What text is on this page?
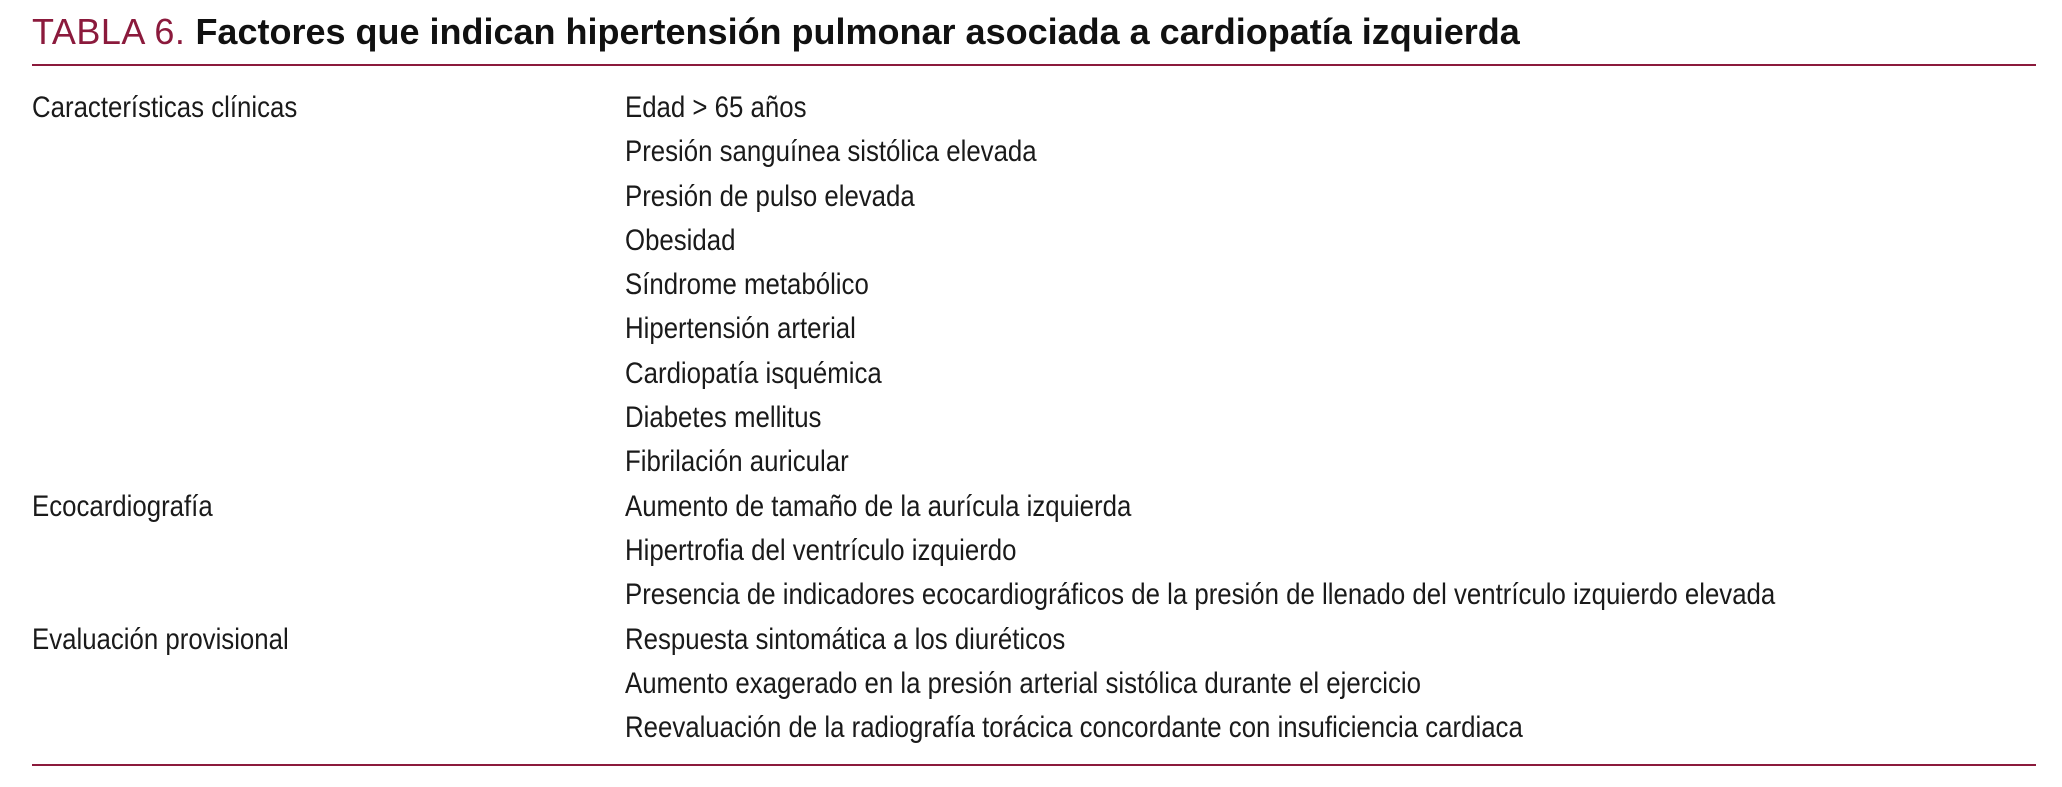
TABLA 6. Factores que indican hipertensión pulmonar asociada a cardiopatía izquierda
Características clínicas	Edad > 65 años
Presión sanguínea sistólica elevada
Presión de pulso elevada
Obesidad
Síndrome metabólico
Hipertensión arterial
Cardiopatía isquémica
Diabetes mellitus
Fibrilación auricular
Ecocardiografía	Aumento de tamaño de la aurícula izquierda
Hipertrofia del ventrículo izquierdo
Presencia de indicadores ecocardiográficos de la presión de llenado del ventrículo izquierdo elevada
Evaluación provisional	Respuesta sintomática a los diuréticos
Aumento exagerado en la presión arterial sistólica durante el ejercicio
Reevaluación de la radiografía torácica concordante con insuficiencia cardiaca
